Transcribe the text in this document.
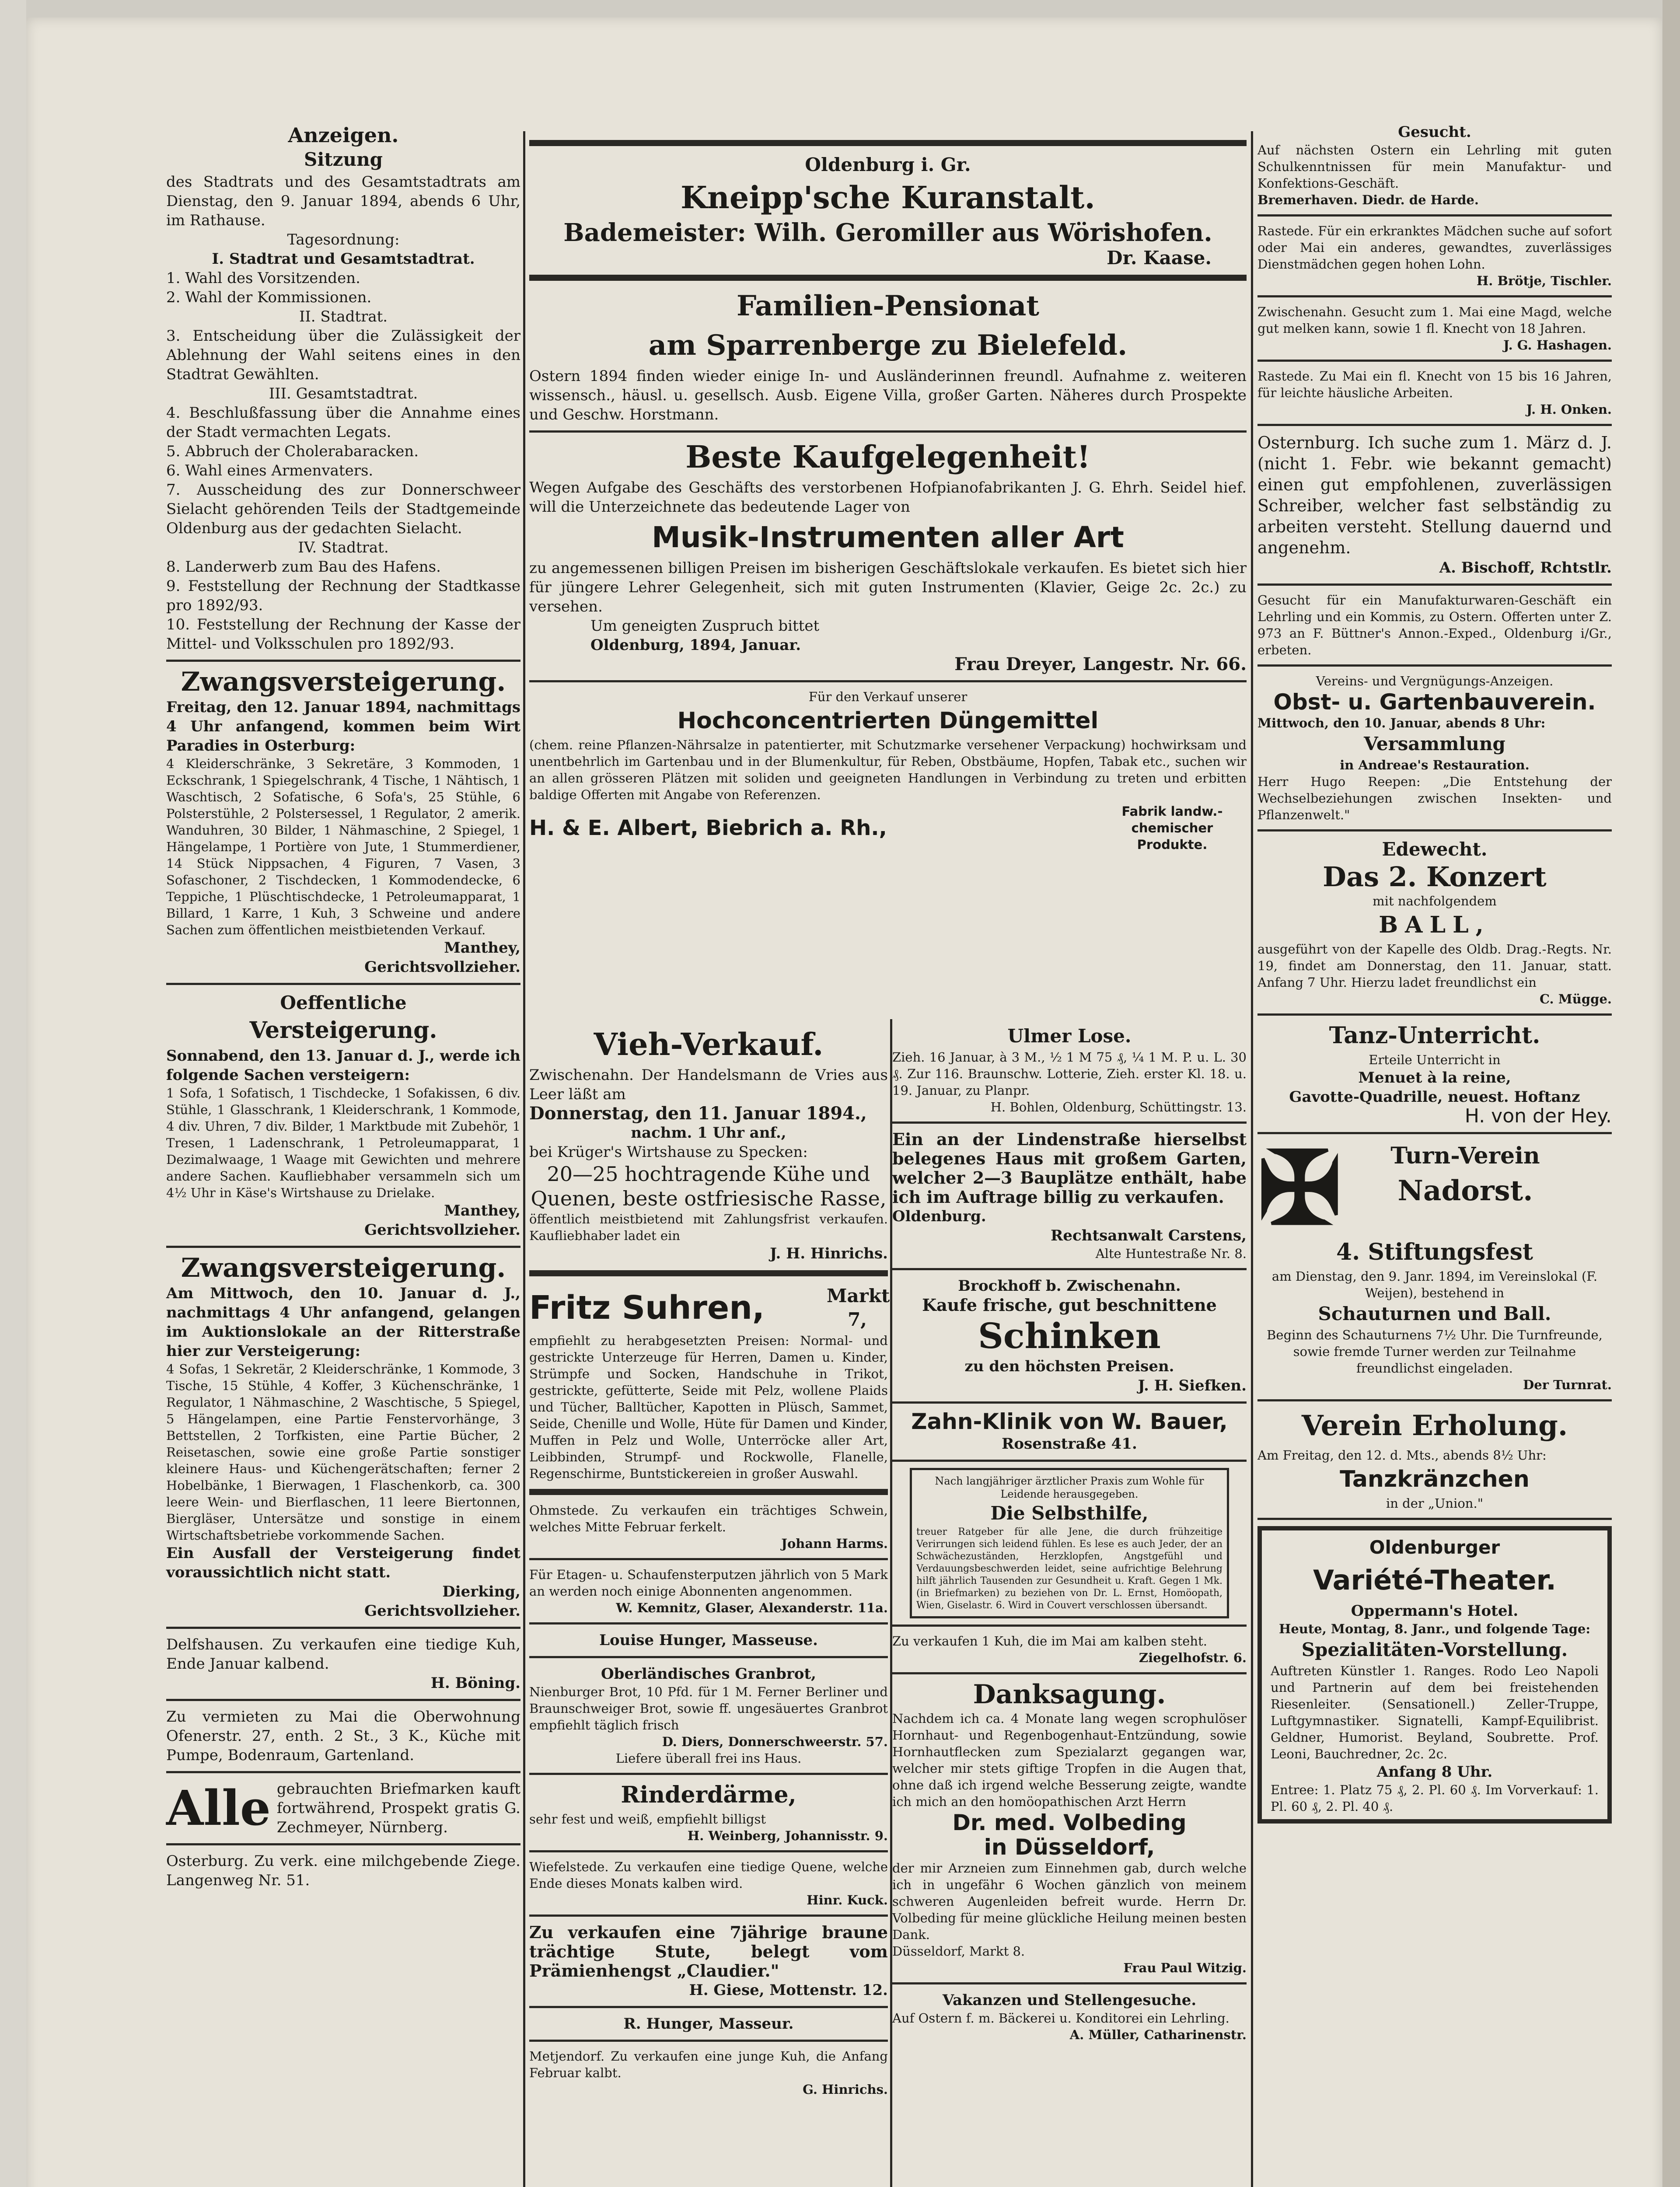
Anzeigen.
Sitzung

des Stadtrats und des Gesamtstadtrats am Dienstag, den 9. Januar 1894, abends 6 Uhr, im Rathause.

Tagesordnung:

I. Stadtrat und Gesamtstadtrat.

1. Wahl des Vorsitzenden.

2. Wahl der Kommissionen.

II. Stadtrat.

3. Entscheidung über die Zulässigkeit der Ablehnung der Wahl seitens eines in den Stadtrat Gewählten.

III. Gesamtstadtrat.

4. Beschlußfassung über die Annahme eines der Stadt vermachten Legats.

5. Abbruch der Cholerabaracken.

6. Wahl eines Armenvaters.

7. Ausscheidung des zur Donnerschweer Sielacht gehörenden Teils der Stadtgemeinde Oldenburg aus der gedachten Sielacht.

IV. Stadtrat.

8. Landerwerb zum Bau des Hafens.

9. Feststellung der Rechnung der Stadtkasse pro 1892/93.

10. Feststellung der Rechnung der Kasse der Mittel- und Volksschulen pro 1892/93.

Zwangsversteigerung.

Freitag, den 12. Januar 1894, nachmittags 4 Uhr anfangend, kommen beim Wirt Paradies in Osterburg:

4 Kleiderschränke, 3 Sekretäre, 3 Kommoden, 1 Eckschrank, 1 Spiegelschrank, 4 Tische, 1 Nähtisch, 1 Waschtisch, 2 Sofatische, 6 Sofa's, 25 Stühle, 6 Polsterstühle, 2 Polstersessel, 1 Regulator, 2 amerik. Wanduhren, 30 Bilder, 1 Nähmaschine, 2 Spiegel, 1 Hängelampe, 1 Portière von Jute, 1 Stummerdiener, 14 Stück Nippsachen, 4 Figuren, 7 Vasen, 3 Sofaschoner, 2 Tischdecken, 1 Kommodendecke, 6 Teppiche, 1 Plüschtischdecke, 1 Petroleumapparat, 1 Billard, 1 Karre, 1 Kuh, 3 Schweine und andere Sachen zum öffentlichen meistbietenden Verkauf.

Manthey,

Gerichtsvollzieher.

Oeffentliche
Versteigerung.

Sonnabend, den 13. Januar d. J., werde ich folgende Sachen versteigern:

1 Sofa, 1 Sofatisch, 1 Tischdecke, 1 Sofakissen, 6 div. Stühle, 1 Glasschrank, 1 Kleiderschrank, 1 Kommode, 4 div. Uhren, 7 div. Bilder, 1 Marktbude mit Zubehör, 1 Tresen, 1 Ladenschrank, 1 Petroleumapparat, 1 Dezimalwaage, 1 Waage mit Gewichten und mehrere andere Sachen. Kaufliebhaber versammeln sich um 4½ Uhr in Käse's Wirtshause zu Drielake.

Manthey,

Gerichtsvollzieher.

Zwangsversteigerung.

Am Mittwoch, den 10. Januar d. J., nachmittags 4 Uhr anfangend, gelangen im Auktionslokale an der Ritterstraße hier zur Versteigerung:

4 Sofas, 1 Sekretär, 2 Kleiderschränke, 1 Kommode, 3 Tische, 15 Stühle, 4 Koffer, 3 Küchenschränke, 1 Regulator, 1 Nähmaschine, 2 Waschtische, 5 Spiegel, 5 Hängelampen, eine Partie Fenstervorhänge, 3 Bettstellen, 2 Torfkisten, eine Partie Bücher, 2 Reisetaschen, sowie eine große Partie sonstiger kleinere Haus- und Küchengerätschaften; ferner 2 Hobelbänke, 1 Bierwagen, 1 Flaschenkorb, ca. 300 leere Wein- und Bierflaschen, 11 leere Biertonnen, Biergläser, Untersätze und sonstige in einem Wirtschaftsbetriebe vorkommende Sachen.

Ein Ausfall der Versteigerung findet voraussichtlich nicht statt.

Dierking,

Gerichtsvollzieher.

Delfshausen. Zu verkaufen eine tiedige Kuh, Ende Januar kalbend.

H. Böning.

Zu vermieten zu Mai die Oberwohnung Ofenerstr. 27, enth. 2 St., 3 K., Küche mit Pumpe, Bodenraum, Gartenland.

Alle gebrauchten Briefmarken kauft fortwährend, Prospekt gratis G. Zechmeyer, Nürnberg.

Osterburg. Zu verk. eine milchgebende Ziege. Langenweg Nr. 51.

Oldenburg i. Gr.
Kneipp'sche Kuranstalt.
Bademeister: Wilh. Geromiller aus Wörishofen.

Dr. Kaase.

Familien-Pensionat
am Sparrenberge zu Bielefeld.

Ostern 1894 finden wieder einige In- und Ausländerinnen freundl. Aufnahme z. weiteren wissensch., häusl. u. gesellsch. Ausb. Eigene Villa, großer Garten. Näheres durch Prospekte und Geschw. Horstmann.

Beste Kaufgelegenheit!

Wegen Aufgabe des Geschäfts des verstorbenen Hofpianofabrikanten J. G. Ehrh. Seidel hief. will die Unterzeichnete das bedeutende Lager von

Musik-Instrumenten aller Art

zu angemessenen billigen Preisen im bisherigen Geschäftslokale verkaufen. Es bietet sich hier für jüngere Lehrer Gelegenheit, sich mit guten Instrumenten (Klavier, Geige 2c. 2c.) zu versehen.

Um geneigten Zuspruch bittet

Oldenburg, 1894, Januar.

Frau Dreyer, Langestr. Nr. 66.

Für den Verkauf unserer

Hochconcentrierten Düngemittel

(chem. reine Pflanzen-Nährsalze in patentierter, mit Schutzmarke versehener Verpackung) hochwirksam und unentbehrlich im Gartenbau und in der Blumenkultur, für Reben, Obstbäume, Hopfen, Tabak etc., suchen wir an allen grösseren Plätzen mit soliden und geeigneten Handlungen in Verbindung zu treten und erbitten baldige Offerten mit Angabe von Referenzen.

H. & E. Albert, Biebrich a. Rh.,
Fabrik landw.- chemischer Produkte.
Vieh-Verkauf.

Zwischenahn. Der Handelsmann de Vries aus Leer läßt am

Donnerstag, den 11. Januar 1894.,

nachm. 1 Uhr anf.,

bei Krüger's Wirtshause zu Specken:

20—25 hochtragende Kühe und Quenen, beste ostfriesische Rasse,

öffentlich meistbietend mit Zahlungsfrist verkaufen. Kaufliebhaber ladet ein

J. H. Hinrichs.

Fritz Suhren,	Markt 7,

empfiehlt zu herabgesetzten Preisen: Normal- und gestrickte Unterzeuge für Herren, Damen u. Kinder, Strümpfe und Socken, Handschuhe in Trikot, gestrickte, gefütterte, Seide mit Pelz, wollene Plaids und Tücher, Balltücher, Kapotten in Plüsch, Sammet, Seide, Chenille und Wolle, Hüte für Damen und Kinder, Muffen in Pelz und Wolle, Unterröcke aller Art, Leibbinden, Strumpf- und Rockwolle, Flanelle, Regenschirme, Buntstickereien in großer Auswahl.

Ohmstede. Zu verkaufen ein trächtiges Schwein, welches Mitte Februar ferkelt.

Johann Harms.

Für Etagen- u. Schaufensterputzen jährlich von 5 Mark an werden noch einige Abonnenten angenommen.

W. Kemnitz, Glaser, Alexanderstr. 11a.

Louise Hunger, Masseuse.

Oberländisches Granbrot,

Nienburger Brot, 10 Pfd. für 1 M. Ferner Berliner und Braunschweiger Brot, sowie ff. ungesäuertes Granbrot empfiehlt täglich frisch

D. Diers, Donnerschweerstr. 57.

Liefere überall frei ins Haus.

Rinderdärme,

sehr fest und weiß, empfiehlt billigst

H. Weinberg, Johannisstr. 9.

Wiefelstede. Zu verkaufen eine tiedige Quene, welche Ende dieses Monats kalben wird.

Hinr. Kuck.

Zu verkaufen eine 7jährige braune trächtige Stute, belegt vom Prämienhengst „Claudier."

H. Giese, Mottenstr. 12.

R. Hunger, Masseur.

Metjendorf. Zu verkaufen eine junge Kuh, die Anfang Februar kalbt.

G. Hinrichs.

Ulmer Lose.

Zieh. 16 Januar, à 3 M., ½ 1 M 75 ₰, ¼ 1 M. P. u. L. 30 ₰. Zur 116. Braunschw. Lotterie, Zieh. erster Kl. 18. u. 19. Januar, zu Planpr.

H. Bohlen, Oldenburg, Schüttingstr. 13.

Ein an der Lindenstraße hierselbst belegenes Haus mit großem Garten, welcher 2—3 Bauplätze enthält, habe ich im Auftrage billig zu verkaufen.

Oldenburg.

Rechtsanwalt Carstens,

Alte Huntestraße Nr. 8.

Brockhoff b. Zwischenahn.

Kaufe frische, gut beschnittene

Schinken

zu den höchsten Preisen.

J. H. Siefken.

Zahn-Klinik von W. Bauer,

Rosenstraße 41.

Nach langjähriger ärztlicher Praxis zum Wohle für Leidende herausgegeben.

Die Selbsthilfe,

treuer Ratgeber für alle Jene, die durch frühzeitige Verirrungen sich leidend fühlen. Es lese es auch Jeder, der an Schwächezuständen, Herzklopfen, Angstgefühl und Verdauungsbeschwerden leidet, seine aufrichtige Belehrung hilft jährlich Tausenden zur Gesundheit u. Kraft. Gegen 1 Mk. (in Briefmarken) zu beziehen von Dr. L. Ernst, Homöopath, Wien, Giselastr. 6. Wird in Couvert verschlossen übersandt.

Zu verkaufen 1 Kuh, die im Mai am kalben steht.

Ziegelhofstr. 6.

Danksagung.

Nachdem ich ca. 4 Monate lang wegen scrophulöser Hornhaut- und Regenbogenhaut-Entzündung, sowie Hornhautflecken zum Spezialarzt gegangen war, welcher mir stets giftige Tropfen in die Augen that, ohne daß ich irgend welche Besserung zeigte, wandte ich mich an den homöopathischen Arzt Herrn

Dr. med. Volbeding
in Düsseldorf,

der mir Arzneien zum Einnehmen gab, durch welche ich in ungefähr 6 Wochen gänzlich von meinem schweren Augenleiden befreit wurde. Herrn Dr. Volbeding für meine glückliche Heilung meinen besten Dank.

Düsseldorf, Markt 8.

Frau Paul Witzig.

Vakanzen und Stellengesuche.

Auf Ostern f. m. Bäckerei u. Konditorei ein Lehrling.

A. Müller, Catharinenstr.

Gesucht.

Auf nächsten Ostern ein Lehrling mit guten Schulkenntnissen für mein Manufaktur- und Konfektions-Geschäft.

Bremerhaven. Diedr. de Harde.

Rastede. Für ein erkranktes Mädchen suche auf sofort oder Mai ein anderes, gewandtes, zuverlässiges Dienstmädchen gegen hohen Lohn.

H. Brötje, Tischler.

Zwischenahn. Gesucht zum 1. Mai eine Magd, welche gut melken kann, sowie 1 fl. Knecht von 18 Jahren.

J. G. Hashagen.

Rastede. Zu Mai ein fl. Knecht von 15 bis 16 Jahren, für leichte häusliche Arbeiten.

J. H. Onken.

Osternburg. Ich suche zum 1. März d. J. (nicht 1. Febr. wie bekannt gemacht) einen gut empfohlenen, zuverlässigen Schreiber, welcher fast selbständig zu arbeiten versteht. Stellung dauernd und angenehm.

A. Bischoff, Rchtstlr.

Gesucht für ein Manufakturwaren-Geschäft ein Lehrling und ein Kommis, zu Ostern. Offerten unter Z. 973 an F. Büttner's Annon.-Exped., Oldenburg i/Gr., erbeten.

Vereins- und Vergnügungs-Anzeigen.

Obst- u. Gartenbauverein.

Mittwoch, den 10. Januar, abends 8 Uhr:

Versammlung

in Andreae's Restauration.

Herr Hugo Reepen: „Die Entstehung der Wechselbeziehungen zwischen Insekten- und Pflanzenwelt."

Edewecht.
Das 2. Konzert

mit nachfolgendem

BALL,

ausgeführt von der Kapelle des Oldb. Drag.-Regts. Nr. 19, findet am Donnerstag, den 11. Januar, statt. Anfang 7 Uhr. Hierzu ladet freundlichst ein

C. Mügge.

Tanz-Unterricht.

Erteile Unterricht in

Menuet à la reine,

Gavotte-Quadrille, neuest. Hoftanz

H. von der Hey.

✠	Turn-Verein
Nadorst.
4. Stiftungsfest

am Dienstag, den 9. Janr. 1894, im Vereinslokal (F. Weijen), bestehend in

Schauturnen und Ball.

Beginn des Schauturnens 7½ Uhr. Die Turnfreunde, sowie fremde Turner werden zur Teilnahme freundlichst eingeladen.

Der Turnrat.

Verein Erholung.

Am Freitag, den 12. d. Mts., abends 8½ Uhr:

Tanzkränzchen

in der „Union."

Oldenburger
Variété-Theater.

Oppermann's Hotel.

Heute, Montag, 8. Janr., und folgende Tage:

Spezialitäten-Vorstellung.

Auftreten Künstler 1. Ranges. Rodo Leo Napoli und Partnerin auf dem bei freistehenden Riesenleiter. (Sensationell.) Zeller-Truppe, Luftgymnastiker. Signatelli, Kampf-Equilibrist. Geldner, Humorist. Beyland, Soubrette. Prof. Leoni, Bauchredner, 2c. 2c.

Anfang 8 Uhr.

Entree: 1. Platz 75 ₰, 2. Pl. 60 ₰. Im Vorverkauf: 1. Pl. 60 ₰, 2. Pl. 40 ₰.
